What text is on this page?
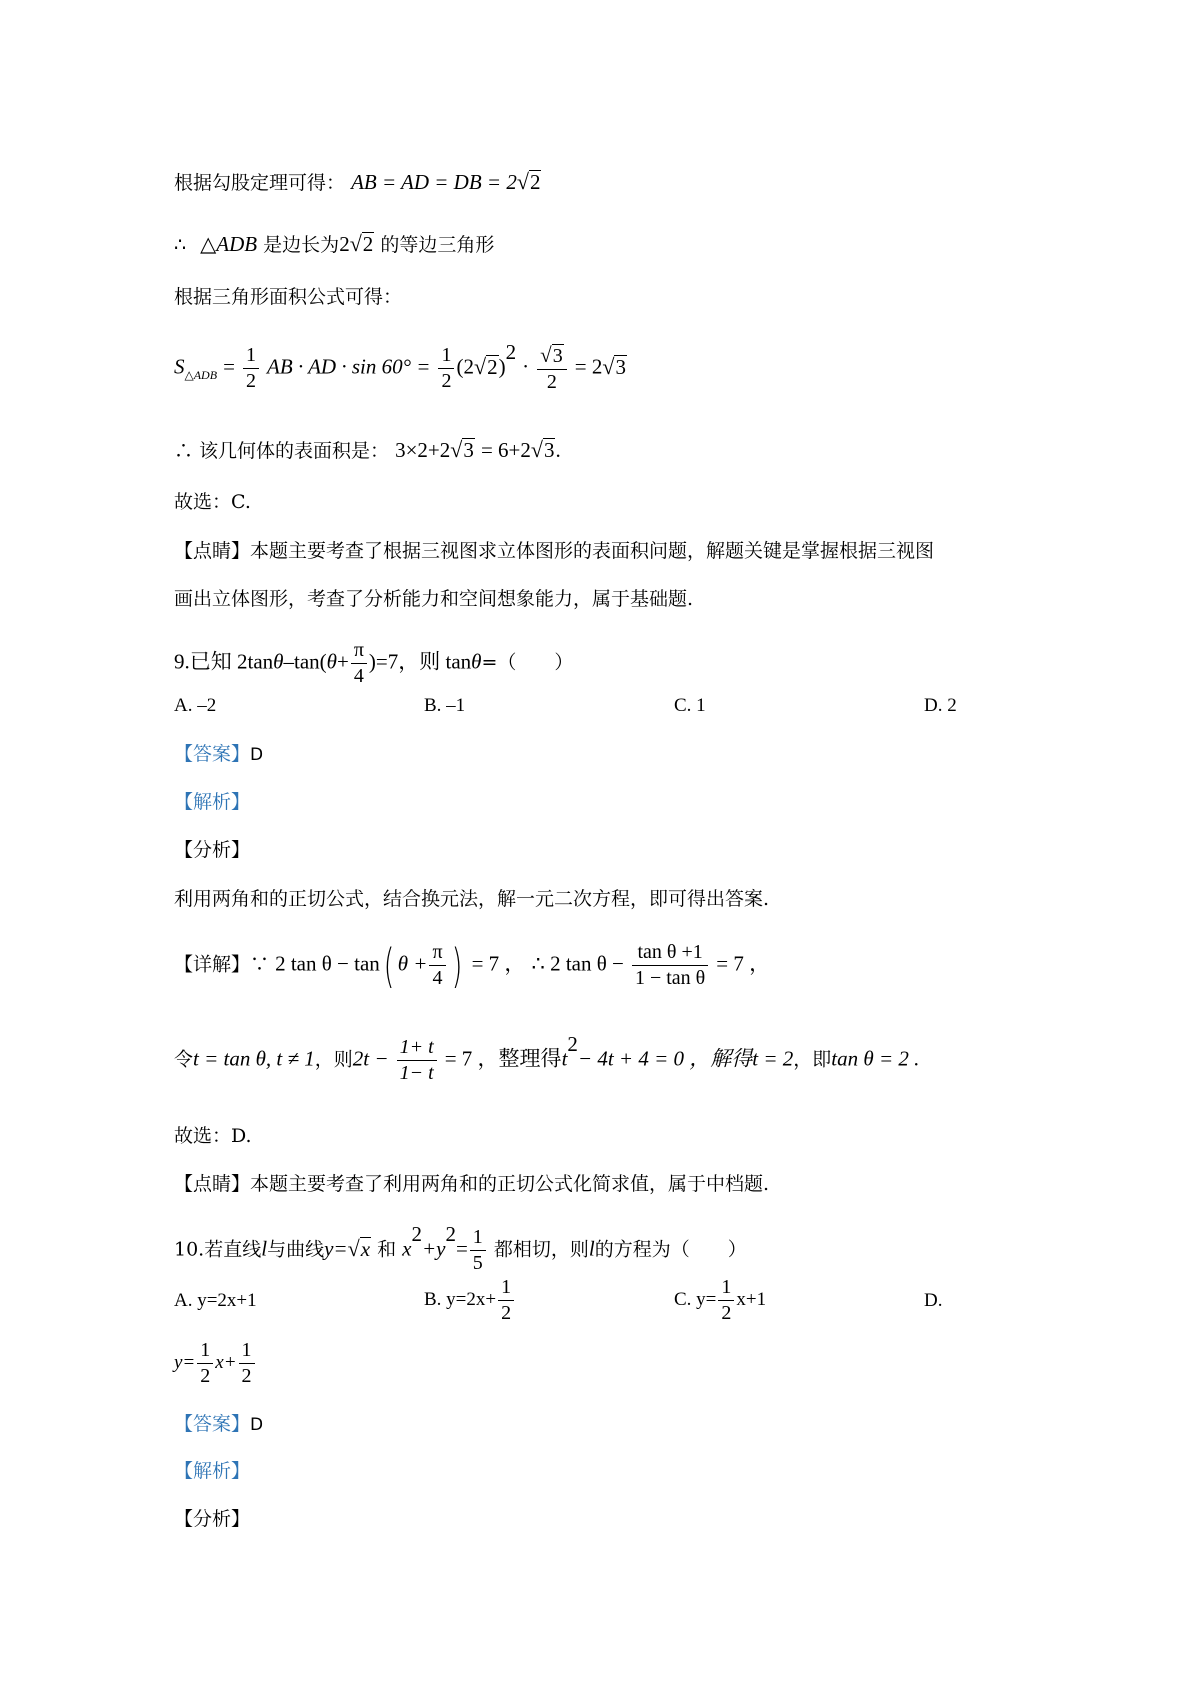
根据勾股定理可得： AB = AD = DB = 2√2
∴ △ADB 是边长为2√2 的等边三角形
根据三角形面积公式可得：
$S_{\triangle ADB} = \frac{1}{2}$ AB · AD · $\sin 60^\circ = \frac{1}{2} (2√2)^2 \cdot \frac{√3}{2} = 2√3$
∴ 该几何体的表面积是： 3×2+2√3 = 6+2√3.
故选：C.
【点睛】本题主要考查了根据三视图求立体图形的表面积问题，解题关键是掌握根据三视图
画出立体图形，考查了分析能力和空间想象能力，属于基础题.
9.已知 $2\tan\theta-\tan(\theta+ \frac{\pi}{4} )=7$，则 tanθ=（　　）
A. –2	B. –1	C. 1	D. 2
【答案】D
【解析】
【分析】
利用两角和的正切公式，结合换元法，解一元二次方程，即可得出答案.
【详解】∵ 2 tan θ − tan( $\theta + \frac{\pi}{4}$ ) = 7 ， ∴ 2 $\tan \theta - \frac{\text{tan θ +1}}{\text{1 − tan θ}} = 7$ ，
令t = tan θ, t ≠ 1，则$2t - \frac{1+ t}{1- t} = 7$ ，整理得$t^2- 4t + 4 = 0$ ，解得t = 2，即tan θ = 2 .
故选：D.
【点睛】本题主要考查了利用两角和的正切公式化简求值，属于中档题.
10.若直线l与曲线y=√x 和 $x^2+y^2= \frac{1}{5}$ 都相切，则l的方程为（　　）
A. y=2x+1	B. $y=2x+ \frac{1}{2}$	C. $y= \frac{1}{2} x+1$	D.
$y= \frac{1}{2} x+ \frac{1}{2}$
【答案】D
【解析】
【分析】
